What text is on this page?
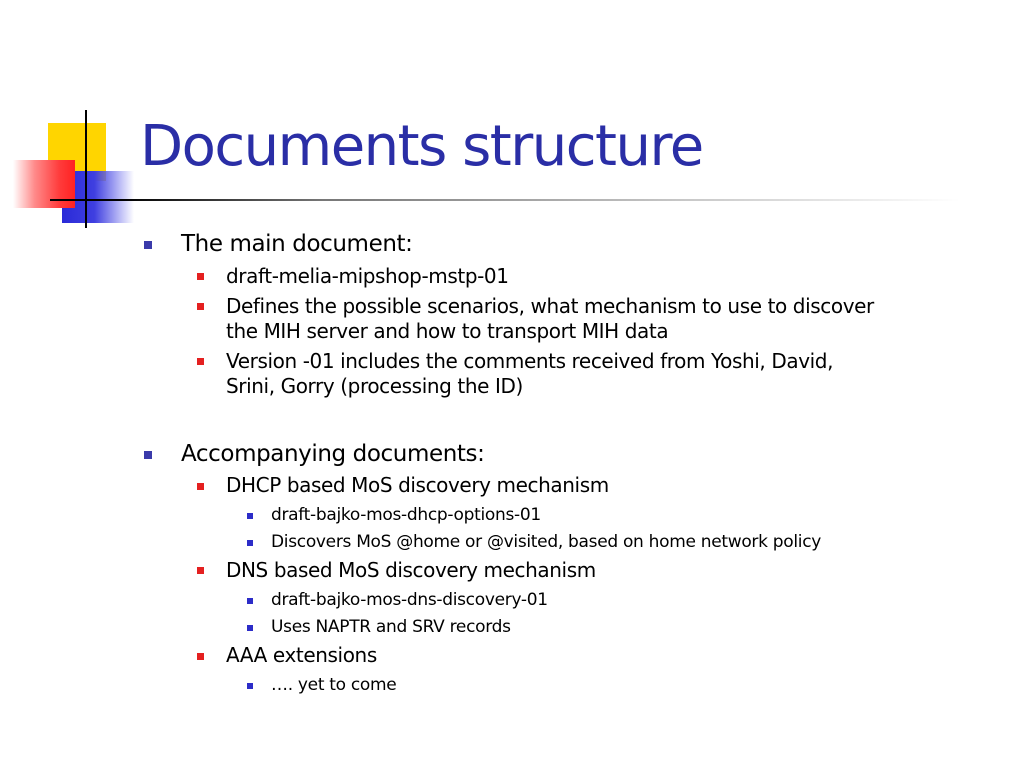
Documents structure
The main document:
draft-melia-mipshop-mstp-01
Defines the possible scenarios, what mechanism to use to discover
the MIH server and how to transport MIH data
Version -01 includes the comments received from Yoshi, David,
Srini, Gorry (processing the ID)
Accompanying documents:
DHCP based MoS discovery mechanism
draft-bajko-mos-dhcp-options-01
Discovers MoS @home or @visited, based on home network policy
DNS based MoS discovery mechanism
draft-bajko-mos-dns-discovery-01
Uses NAPTR and SRV records
AAA extensions
…. yet to come
